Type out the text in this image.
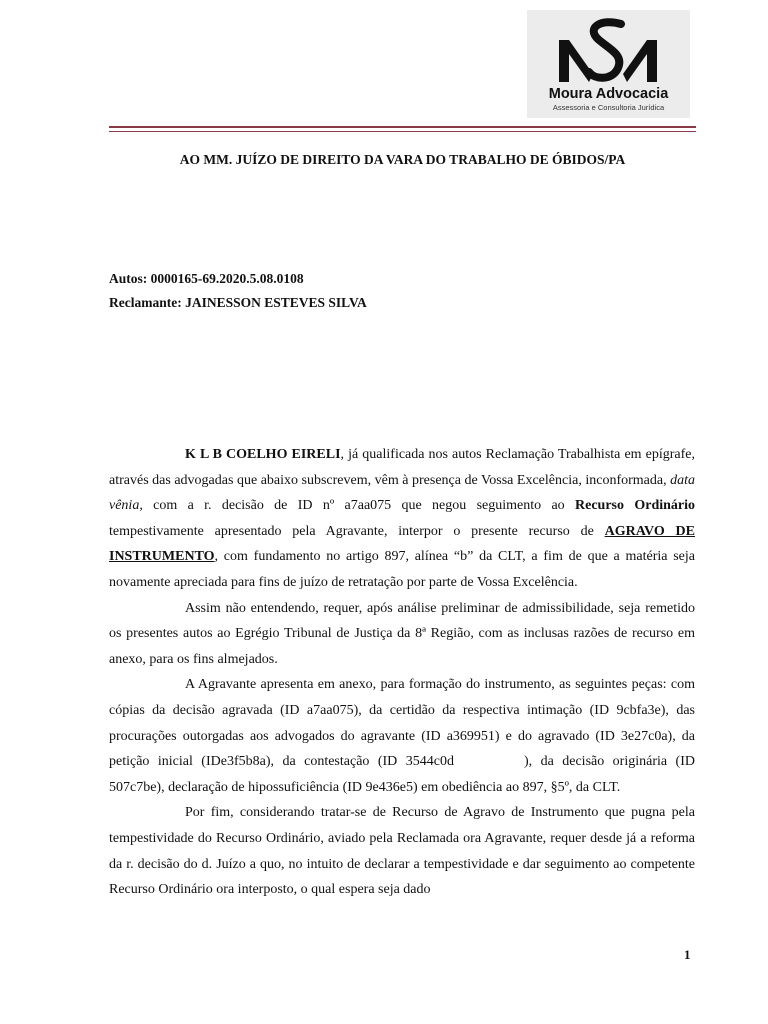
Moura Advocacia
Assessoria e Consultoria Jurídica
AO MM. JUÍZO DE DIREITO DA VARA DO TRABALHO DE ÓBIDOS/PA
Autos: 0000165-69.2020.5.08.0108
Reclamante: JAINESSON ESTEVES SILVA

K L B COELHO EIRELI, já qualificada nos autos Reclamação Trabalhista em epígrafe, através das advogadas que abaixo subscrevem, vêm à presença de Vossa Excelência, inconformada, data vênia, com a r. decisão de ID nº a7aa075 que negou seguimento ao Recurso Ordinário tempestivamente apresentado pela Agravante, interpor o presente recurso de AGRAVO DE INSTRUMENTO, com fundamento no artigo 897, alínea “b” da CLT, a fim de que a matéria seja novamente apreciada para fins de juízo de retratação por parte de Vossa Excelência.

Assim não entendendo, requer, após análise preliminar de admissibilidade, seja remetido os presentes autos ao Egrégio Tribunal de Justiça da 8ª Região, com as inclusas razões de recurso em anexo, para os fins almejados.

A Agravante apresenta em anexo, para formação do instrumento, as seguintes peças: com cópias da decisão agravada (ID a7aa075), da certidão da respectiva intimação (ID 9cbfa3e), das procurações outorgadas aos advogados do agravante (ID a369951) e do agravado (ID 3e27c0a), da petição inicial (IDe3f5b8a), da contestação (ID 3544c0d	), da decisão originária (ID 507c7be), declaração de hipossuficiência (ID 9e436e5) em obediência ao 897, §5º, da CLT.

Por fim, considerando tratar-se de Recurso de Agravo de Instrumento que pugna pela tempestividade do Recurso Ordinário, aviado pela Reclamada ora Agravante, requer desde já a reforma da r. decisão do d. Juízo a quo, no intuito de declarar a tempestividade e dar seguimento ao competente Recurso Ordinário ora interposto, o qual espera seja dado

1
